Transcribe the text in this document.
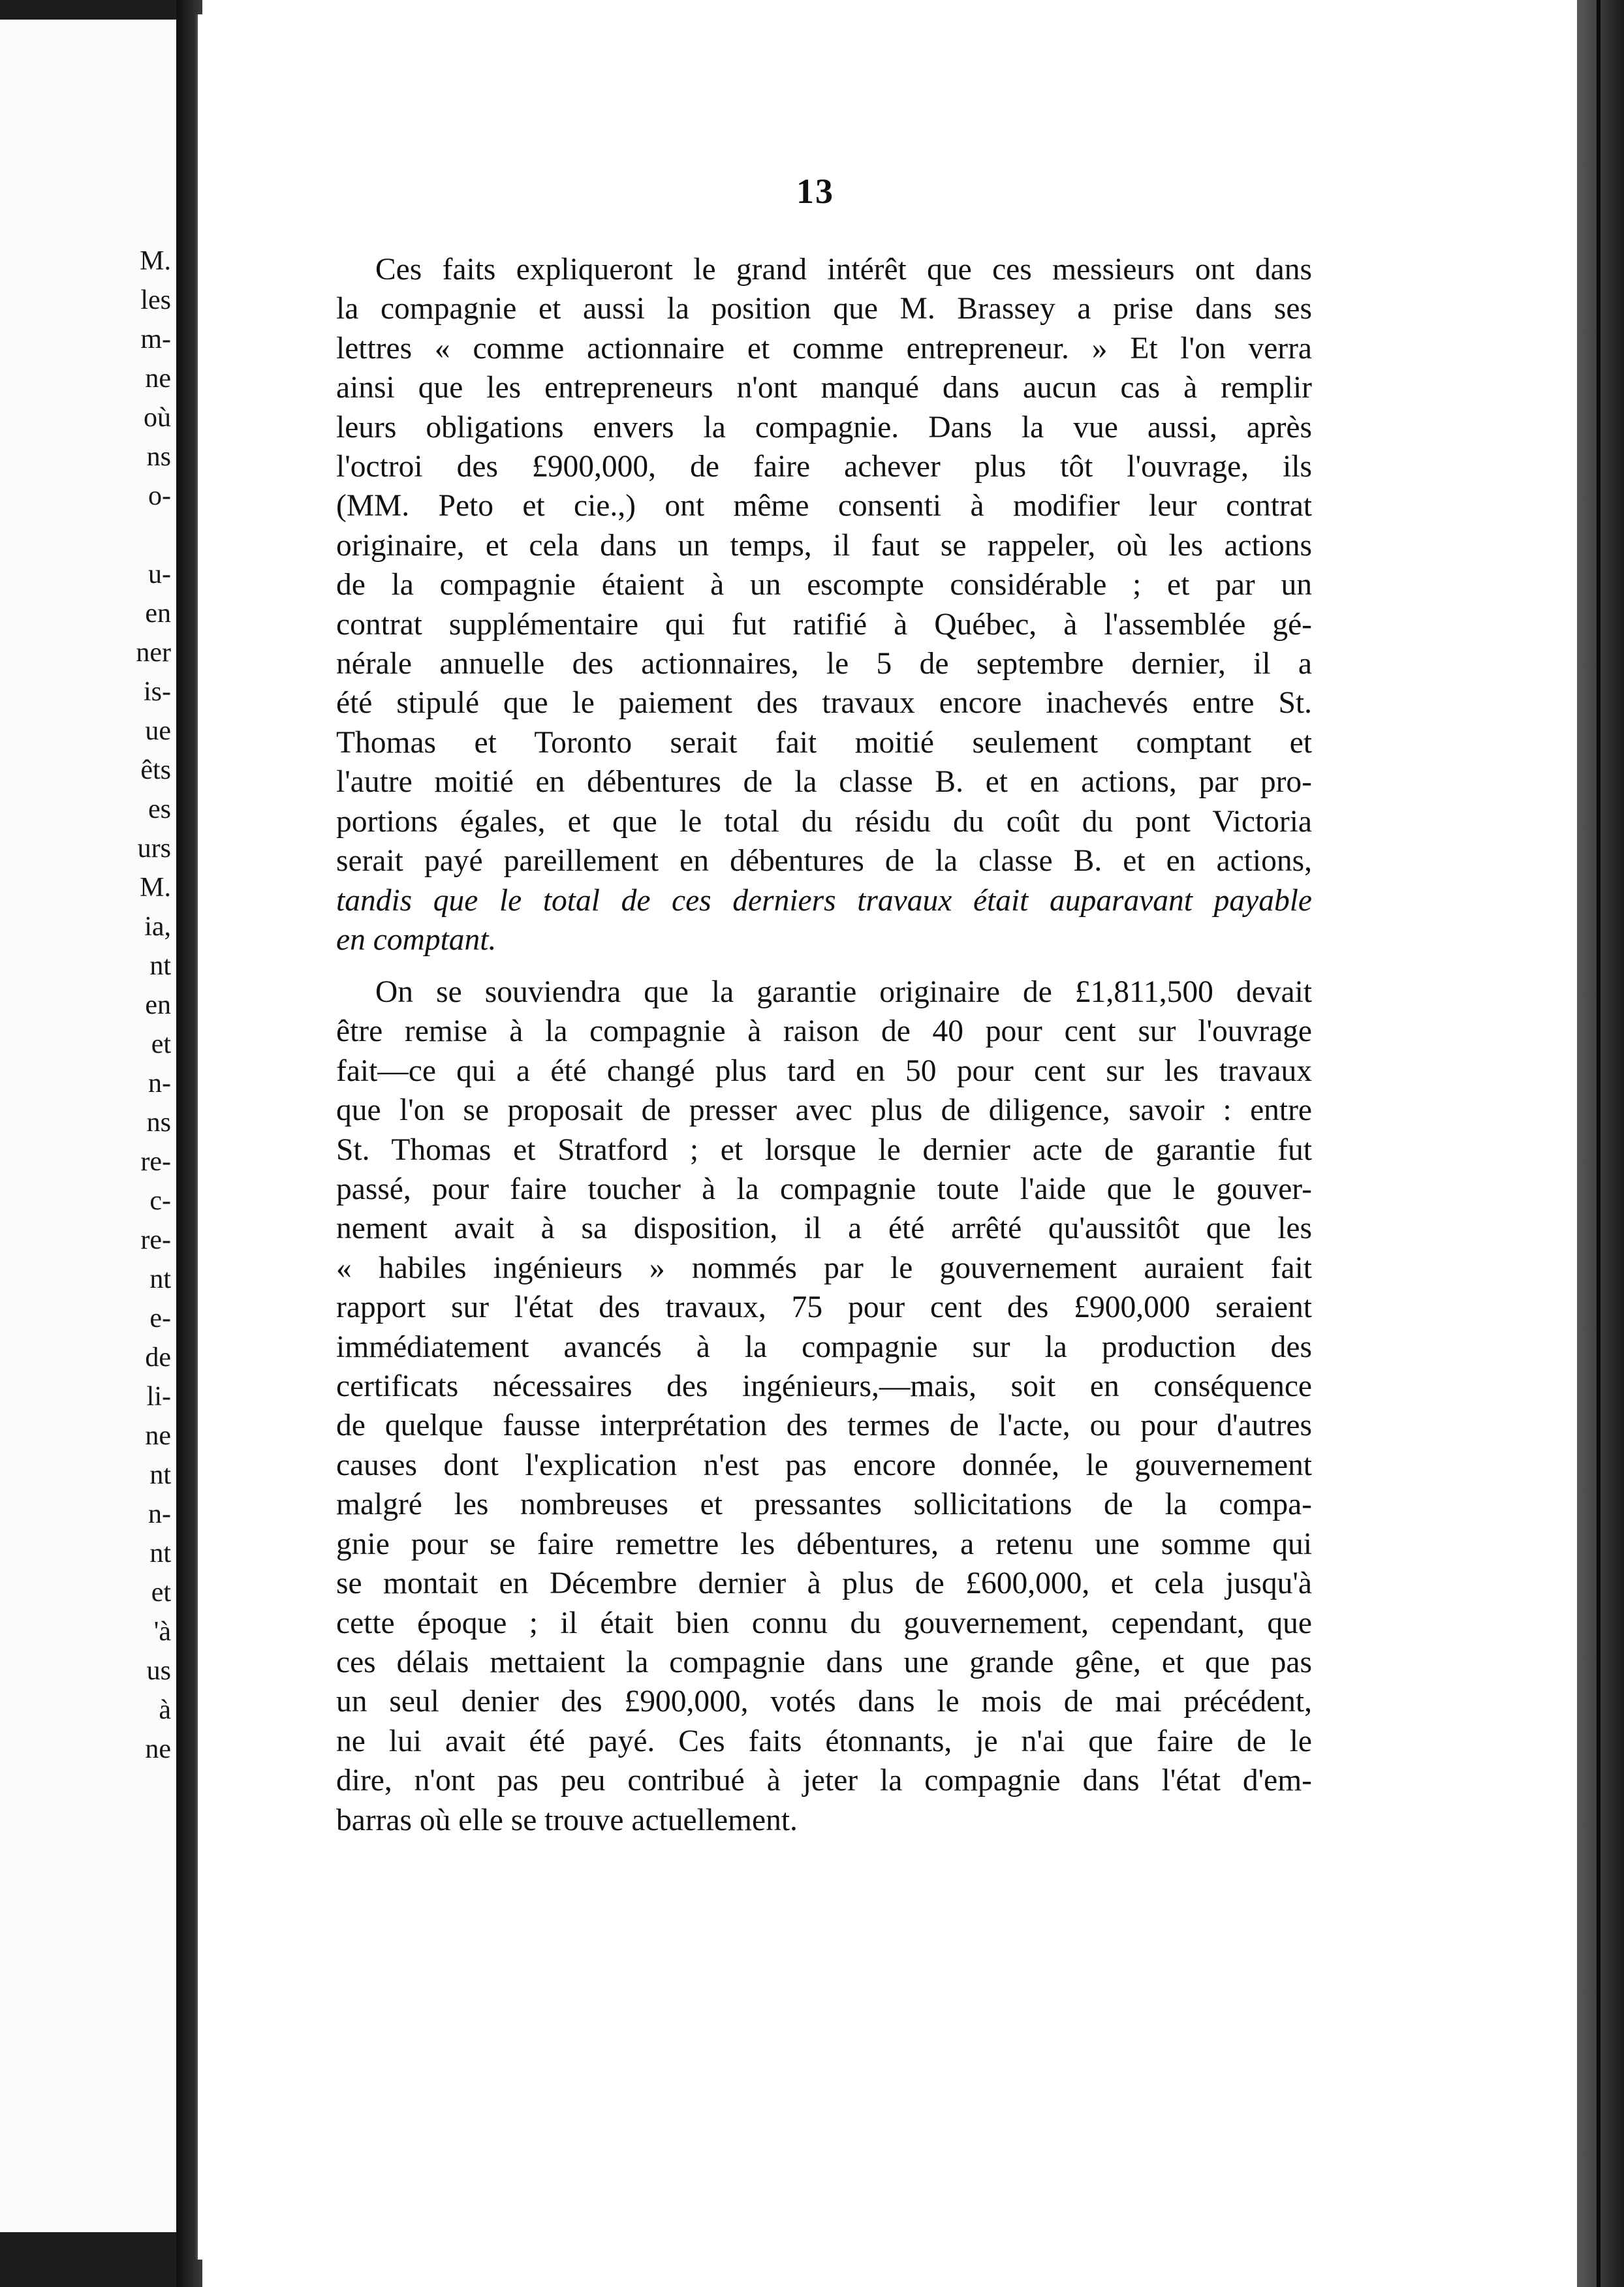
M.
les
m-
ne
où
ns
o-
u-
en
ner
is-
ue
êts
es
urs
M.
ia,
nt
en
et
n-
ns
re-
c-
re-
nt
e-
de
li-
ne
nt
n-
nt
et
'à
us
à
ne
13
Ces faits expliqueront le grand intérêt que ces messieurs ont dans
la compagnie et aussi la position que M. Brassey a prise dans ses
lettres « comme actionnaire et comme entrepreneur. » Et l'on verra
ainsi que les entrepreneurs n'ont manqué dans aucun cas à remplir
leurs obligations envers la compagnie. Dans la vue aussi, après
l'octroi des £900,000, de faire achever plus tôt l'ouvrage, ils
(MM. Peto et cie.,) ont même consenti à modifier leur contrat
originaire, et cela dans un temps, il faut se rappeler, où les actions
de la compagnie étaient à un escompte considérable ; et par un
contrat supplémentaire qui fut ratifié à Québec, à l'assemblée gé-
nérale annuelle des actionnaires, le 5 de septembre dernier, il a
été stipulé que le paiement des travaux encore inachevés entre St.
Thomas et Toronto serait fait moitié seulement comptant et
l'autre moitié en débentures de la classe B. et en actions, par pro-
portions égales, et que le total du résidu du coût du pont Victoria
serait payé pareillement en débentures de la classe B. et en actions,
tandis que le total de ces derniers travaux était auparavant payable
en comptant.
On se souviendra que la garantie originaire de £1,811,500 devait
être remise à la compagnie à raison de 40 pour cent sur l'ouvrage
fait—ce qui a été changé plus tard en 50 pour cent sur les travaux
que l'on se proposait de presser avec plus de diligence, savoir : entre
St. Thomas et Stratford ; et lorsque le dernier acte de garantie fut
passé, pour faire toucher à la compagnie toute l'aide que le gouver-
nement avait à sa disposition, il a été arrêté qu'aussitôt que les
« habiles ingénieurs » nommés par le gouvernement auraient fait
rapport sur l'état des travaux, 75 pour cent des £900,000 seraient
immédiatement avancés à la compagnie sur la production des
certificats nécessaires des ingénieurs,—mais, soit en conséquence
de quelque fausse interprétation des termes de l'acte, ou pour d'autres
causes dont l'explication n'est pas encore donnée, le gouvernement
malgré les nombreuses et pressantes sollicitations de la compa-
gnie pour se faire remettre les débentures, a retenu une somme qui
se montait en Décembre dernier à plus de £600,000, et cela jusqu'à
cette époque ; il était bien connu du gouvernement, cependant, que
ces délais mettaient la compagnie dans une grande gêne, et que pas
un seul denier des £900,000, votés dans le mois de mai précédent,
ne lui avait été payé. Ces faits étonnants, je n'ai que faire de le
dire, n'ont pas peu contribué à jeter la compagnie dans l'état d'em-
barras où elle se trouve actuellement.
